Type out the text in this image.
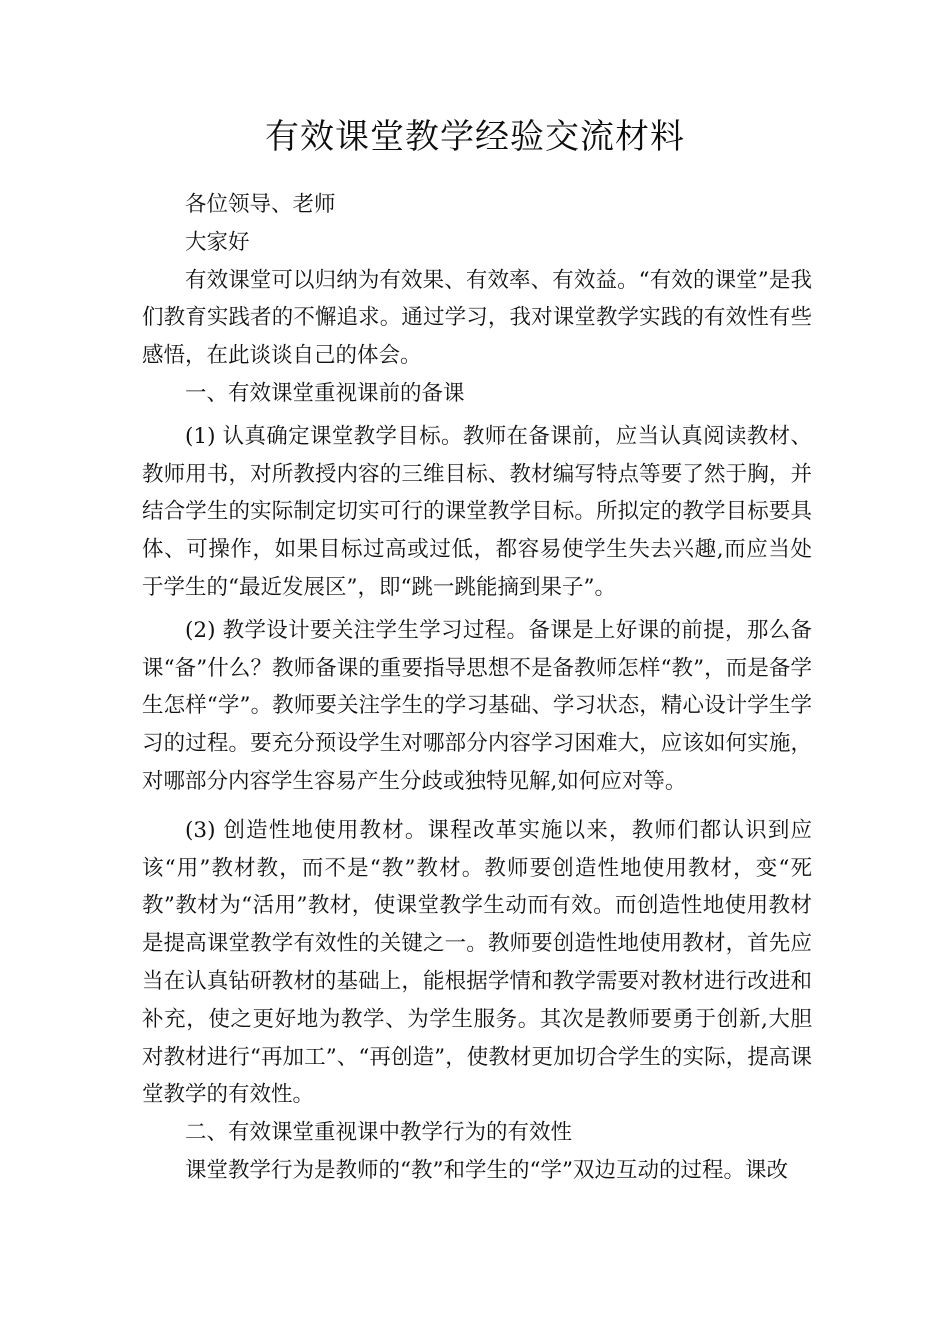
有效课堂教学经验交流材料

各位领导、老师

大家好

有效课堂可以归纳为有效果、有效率、有效益。“有效的课堂”是我们教育实践者的不懈追求。通过学习，我对课堂教学实践的有效性有些感悟，在此谈谈自己的体会。

一、有效课堂重视课前的备课

(1) 认真确定课堂教学目标。教师在备课前，应当认真阅读教材、教师用书，对所教授内容的三维目标、教材编写特点等要了然于胸，并结合学生的实际制定切实可行的课堂教学目标。所拟定的教学目标要具体、可操作，如果目标过高或过低，都容易使学生失去兴趣,而应当处于学生的“最近发展区”，即“跳一跳能摘到果子”。

(2) 教学设计要关注学生学习过程。备课是上好课的前提，那么备课“备”什么？教师备课的重要指导思想不是备教师怎样“教”，而是备学生怎样“学”。教师要关注学生的学习基础、学习状态，精心设计学生学习的过程。要充分预设学生对哪部分内容学习困难大，应该如何实施，对哪部分内容学生容易产生分歧或独特见解,如何应对等。

(3) 创造性地使用教材。课程改革实施以来，教师们都认识到应该“用”教材教，而不是“教”教材。教师要创造性地使用教材，变“死教”教材为“活用”教材，使课堂教学生动而有效。而创造性地使用教材是提高课堂教学有效性的关键之一。教师要创造性地使用教材，首先应当在认真钻研教材的基础上，能根据学情和教学需要对教材进行改进和补充，使之更好地为教学、为学生服务。其次是教师要勇于创新,大胆对教材进行“再加工”、“再创造”，使教材更加切合学生的实际，提高课堂教学的有效性。

二、有效课堂重视课中教学行为的有效性

课堂教学行为是教师的“教”和学生的“学”双边互动的过程。课改
